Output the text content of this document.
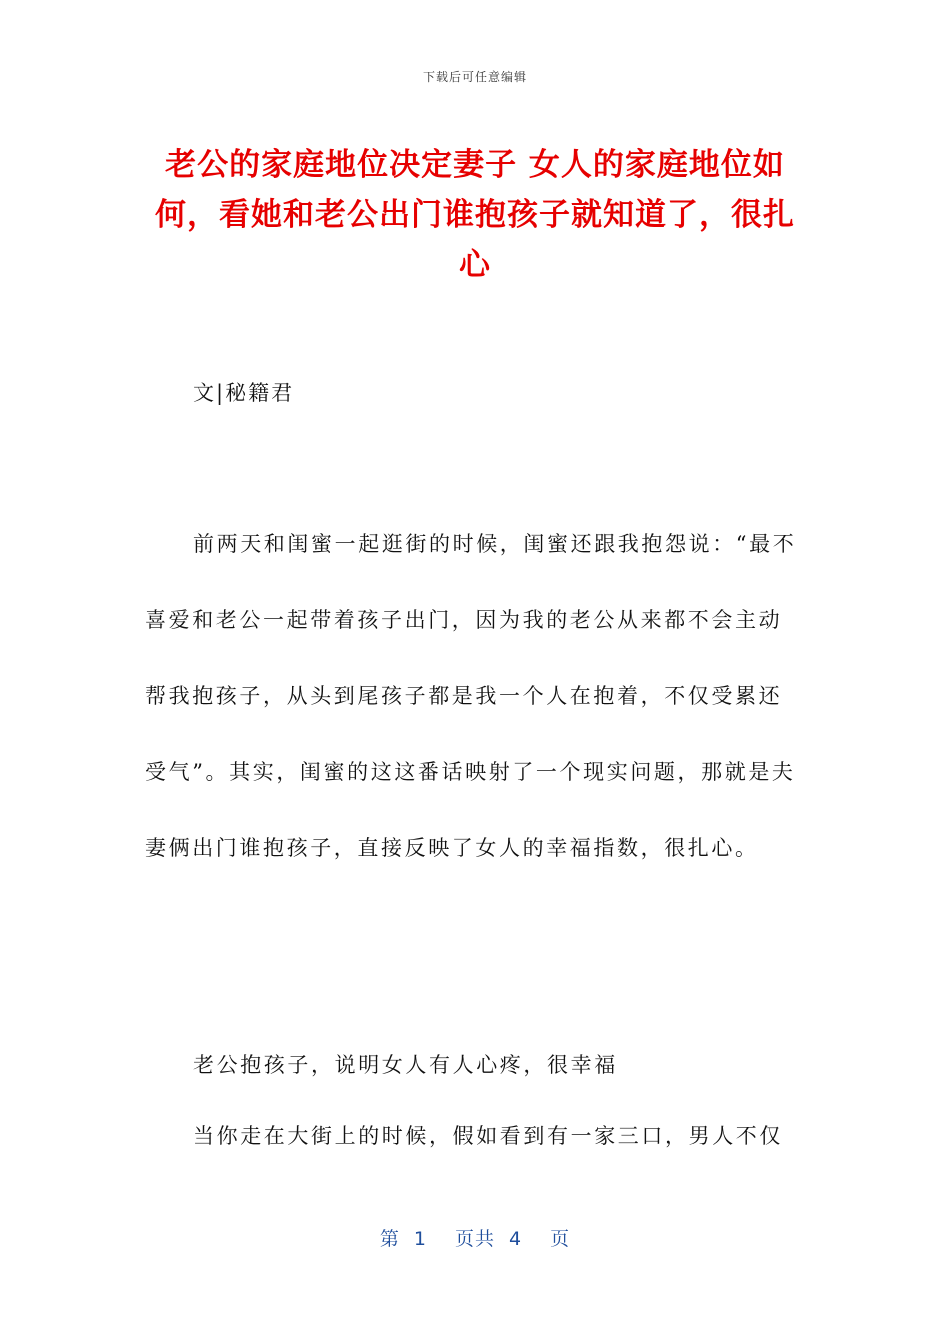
下载后可任意编辑
老公的家庭地位决定妻子 女人的家庭地位如何，看她和老公出门谁抱孩子就知道了，很扎心
文|秘籍君

前两天和闺蜜一起逛街的时候，闺蜜还跟我抱怨说：“最不喜爱和老公一起带着孩子出门，因为我的老公从来都不会主动帮我抱孩子，从头到尾孩子都是我一个人在抱着，不仅受累还受气”。其实，闺蜜的这这番话映射了一个现实问题，那就是夫妻俩出门谁抱孩子，直接反映了女人的幸福指数，很扎心。

老公抱孩子，说明女人有人心疼，很幸福

当你走在大街上的时候，假如看到有一家三口，男人不仅

第 1 页共 4 页
